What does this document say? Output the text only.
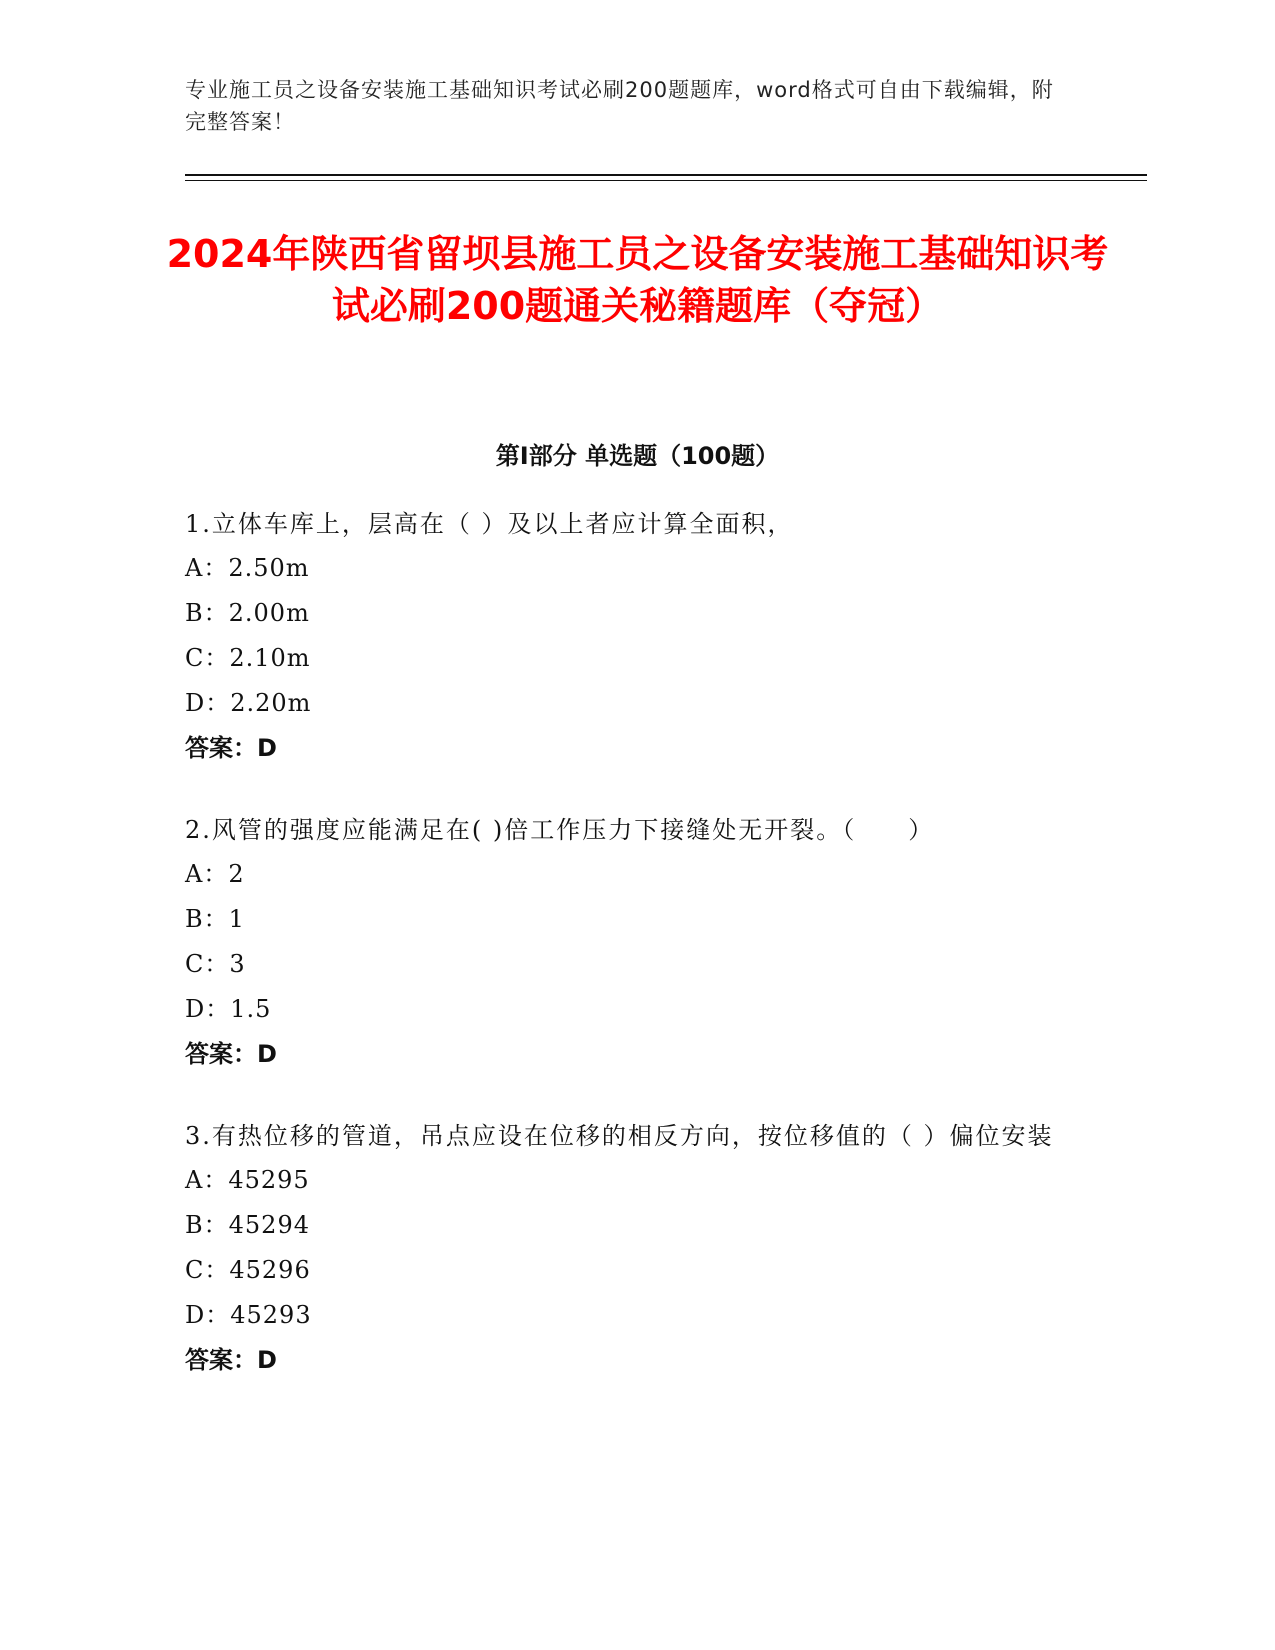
专业施工员之设备安装施工基础知识考试必刷200题题库，word格式可自由下载编辑，附完整答案！
2024年陕西省留坝县施工员之设备安装施工基础知识考试必刷200题通关秘籍题库（夺冠）
第I部分 单选题（100题）

1.立体车库上，层高在（ ）及以上者应计算全面积，

A：2.50m

B：2.00m

C：2.10m

D：2.20m

答案：D

2.风管的强度应能满足在( )倍工作压力下接缝处无开裂。（　　）

A：2

B：1

C：3

D：1.5

答案：D

3.有热位移的管道，吊点应设在位移的相反方向，按位移值的（ ）偏位安装

A：45295

B：45294

C：45296

D：45293

答案：D
